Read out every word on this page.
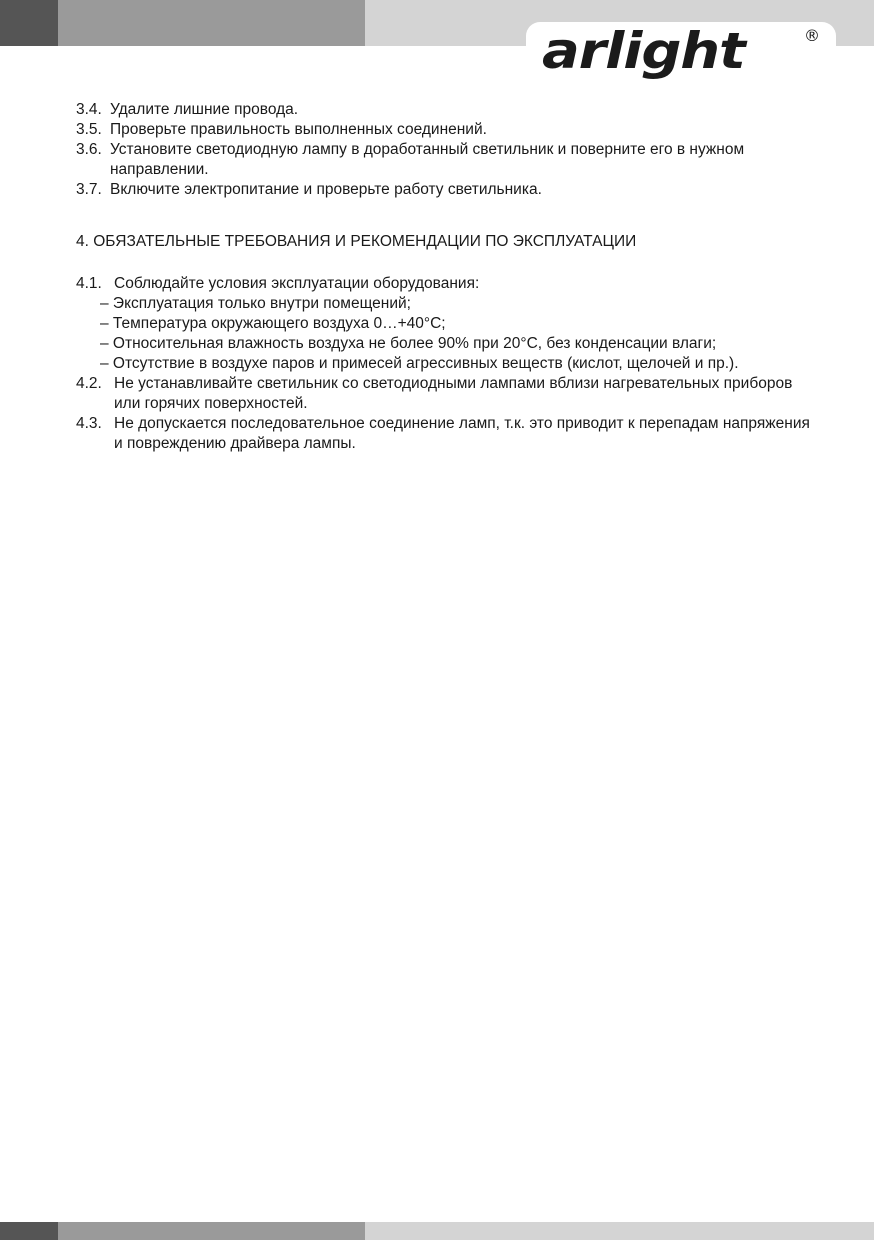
arlight	®
3.4. Удалите лишние провода.
3.5. Проверьте правильность выполненных соединений.
3.6. Установите светодиодную лампу в доработанный светильник и поверните его в нужном направлении.
3.7. Включите электропитание и проверьте работу светильника.
4. ОБЯЗАТЕЛЬНЫЕ ТРЕБОВАНИЯ И РЕКОМЕНДАЦИИ ПО ЭКСПЛУАТАЦИИ
4.1. Соблюдайте условия эксплуатации оборудования:
– Эксплуатация только внутри помещений;
– Температура окружающего воздуха 0…+40°C;
– Относительная влажность воздуха не более 90% при 20°C, без конденсации влаги;
– Отсутствие в воздухе паров и примесей агрессивных веществ (кислот, щелочей и пр.).
4.2. Не устанавливайте светильник со светодиодными лампами вблизи нагревательных приборов или горячих поверхностей.
4.3. Не допускается последовательное соединение ламп, т.к. это приводит к перепадам напряжения и повреждению драйвера лампы.
